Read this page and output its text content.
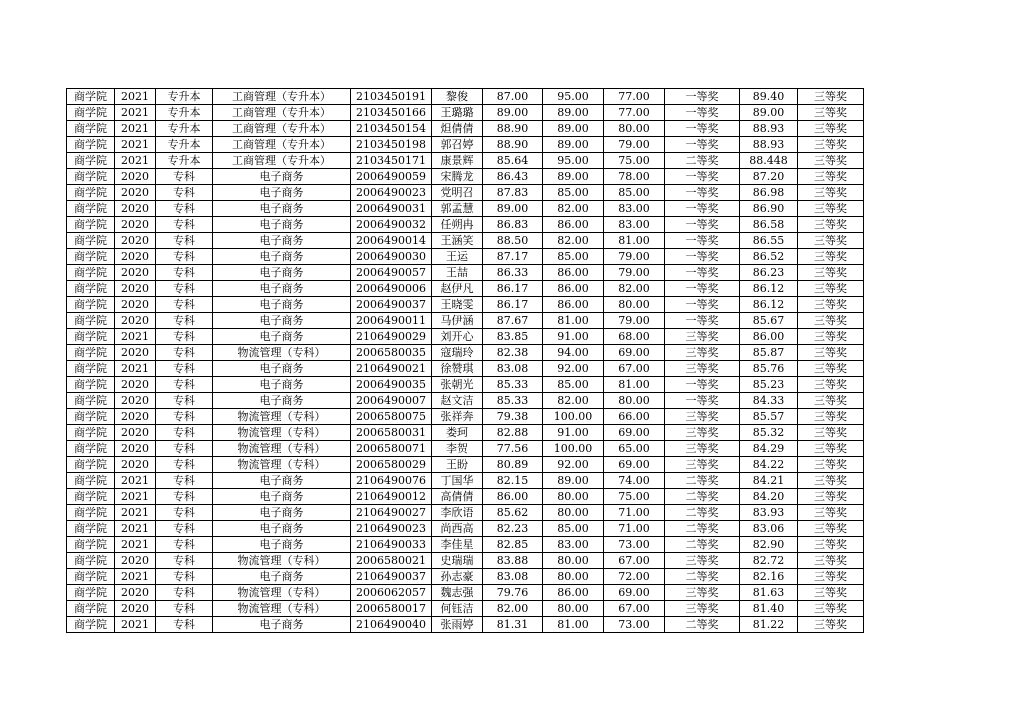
商学院	2021	专升本	工商管理（专升本）	2103450191	黎俊	87.00	95.00	77.00	一等奖	89.40	三等奖
商学院	2021	专升本	工商管理（专升本）	2103450166	王璐璐	89.00	89.00	77.00	一等奖	89.00	三等奖
商学院	2021	专升本	工商管理（专升本）	2103450154	炟倩倩	88.90	89.00	80.00	一等奖	88.93	三等奖
商学院	2021	专升本	工商管理（专升本）	2103450198	郭召婷	88.90	89.00	79.00	一等奖	88.93	三等奖
商学院	2021	专升本	工商管理（专升本）	2103450171	康景辉	85.64	95.00	75.00	二等奖	88.448	三等奖
商学院	2020	专科	电子商务	2006490059	宋腾龙	86.43	89.00	78.00	一等奖	87.20	三等奖
商学院	2020	专科	电子商务	2006490023	党明召	87.83	85.00	85.00	一等奖	86.98	三等奖
商学院	2020	专科	电子商务	2006490031	郭孟慧	89.00	82.00	83.00	一等奖	86.90	三等奖
商学院	2020	专科	电子商务	2006490032	任朔冉	86.83	86.00	83.00	一等奖	86.58	三等奖
商学院	2020	专科	电子商务	2006490014	王涵笑	88.50	82.00	81.00	一等奖	86.55	三等奖
商学院	2020	专科	电子商务	2006490030	王运	87.17	85.00	79.00	一等奖	86.52	三等奖
商学院	2020	专科	电子商务	2006490057	王喆	86.33	86.00	79.00	一等奖	86.23	三等奖
商学院	2020	专科	电子商务	2006490006	赵伊凡	86.17	86.00	82.00	一等奖	86.12	三等奖
商学院	2020	专科	电子商务	2006490037	王晓雯	86.17	86.00	80.00	一等奖	86.12	三等奖
商学院	2020	专科	电子商务	2006490011	马伊涵	87.67	81.00	79.00	一等奖	85.67	三等奖
商学院	2021	专科	电子商务	2106490029	刘开心	83.85	91.00	68.00	三等奖	86.00	三等奖
商学院	2020	专科	物流管理（专科）	2006580035	寇瑞玲	82.38	94.00	69.00	三等奖	85.87	三等奖
商学院	2021	专科	电子商务	2106490021	徐赞琪	83.08	92.00	67.00	三等奖	85.76	三等奖
商学院	2020	专科	电子商务	2006490035	张朝光	85.33	85.00	81.00	一等奖	85.23	三等奖
商学院	2020	专科	电子商务	2006490007	赵文洁	85.33	82.00	80.00	一等奖	84.33	三等奖
商学院	2020	专科	物流管理（专科）	2006580075	张祥奔	79.38	100.00	66.00	三等奖	85.57	三等奖
商学院	2020	专科	物流管理（专科）	2006580031	娄珂	82.88	91.00	69.00	三等奖	85.32	三等奖
商学院	2020	专科	物流管理（专科）	2006580071	李贺	77.56	100.00	65.00	三等奖	84.29	三等奖
商学院	2020	专科	物流管理（专科）	2006580029	王盼	80.89	92.00	69.00	三等奖	84.22	三等奖
商学院	2021	专科	电子商务	2106490076	丁国华	82.15	89.00	74.00	二等奖	84.21	三等奖
商学院	2021	专科	电子商务	2106490012	高倩倩	86.00	80.00	75.00	二等奖	84.20	三等奖
商学院	2021	专科	电子商务	2106490027	李欣语	85.62	80.00	71.00	二等奖	83.93	三等奖
商学院	2021	专科	电子商务	2106490023	尚西高	82.23	85.00	71.00	二等奖	83.06	三等奖
商学院	2021	专科	电子商务	2106490033	李佳星	82.85	83.00	73.00	二等奖	82.90	三等奖
商学院	2020	专科	物流管理（专科）	2006580021	史瑞瑞	83.88	80.00	67.00	三等奖	82.72	三等奖
商学院	2021	专科	电子商务	2106490037	孙志豪	83.08	80.00	72.00	二等奖	82.16	三等奖
商学院	2020	专科	物流管理（专科）	2006062057	魏志强	79.76	86.00	69.00	三等奖	81.63	三等奖
商学院	2020	专科	物流管理（专科）	2006580017	何钰洁	82.00	80.00	67.00	三等奖	81.40	三等奖
商学院	2021	专科	电子商务	2106490040	张雨婷	81.31	81.00	73.00	二等奖	81.22	三等奖
